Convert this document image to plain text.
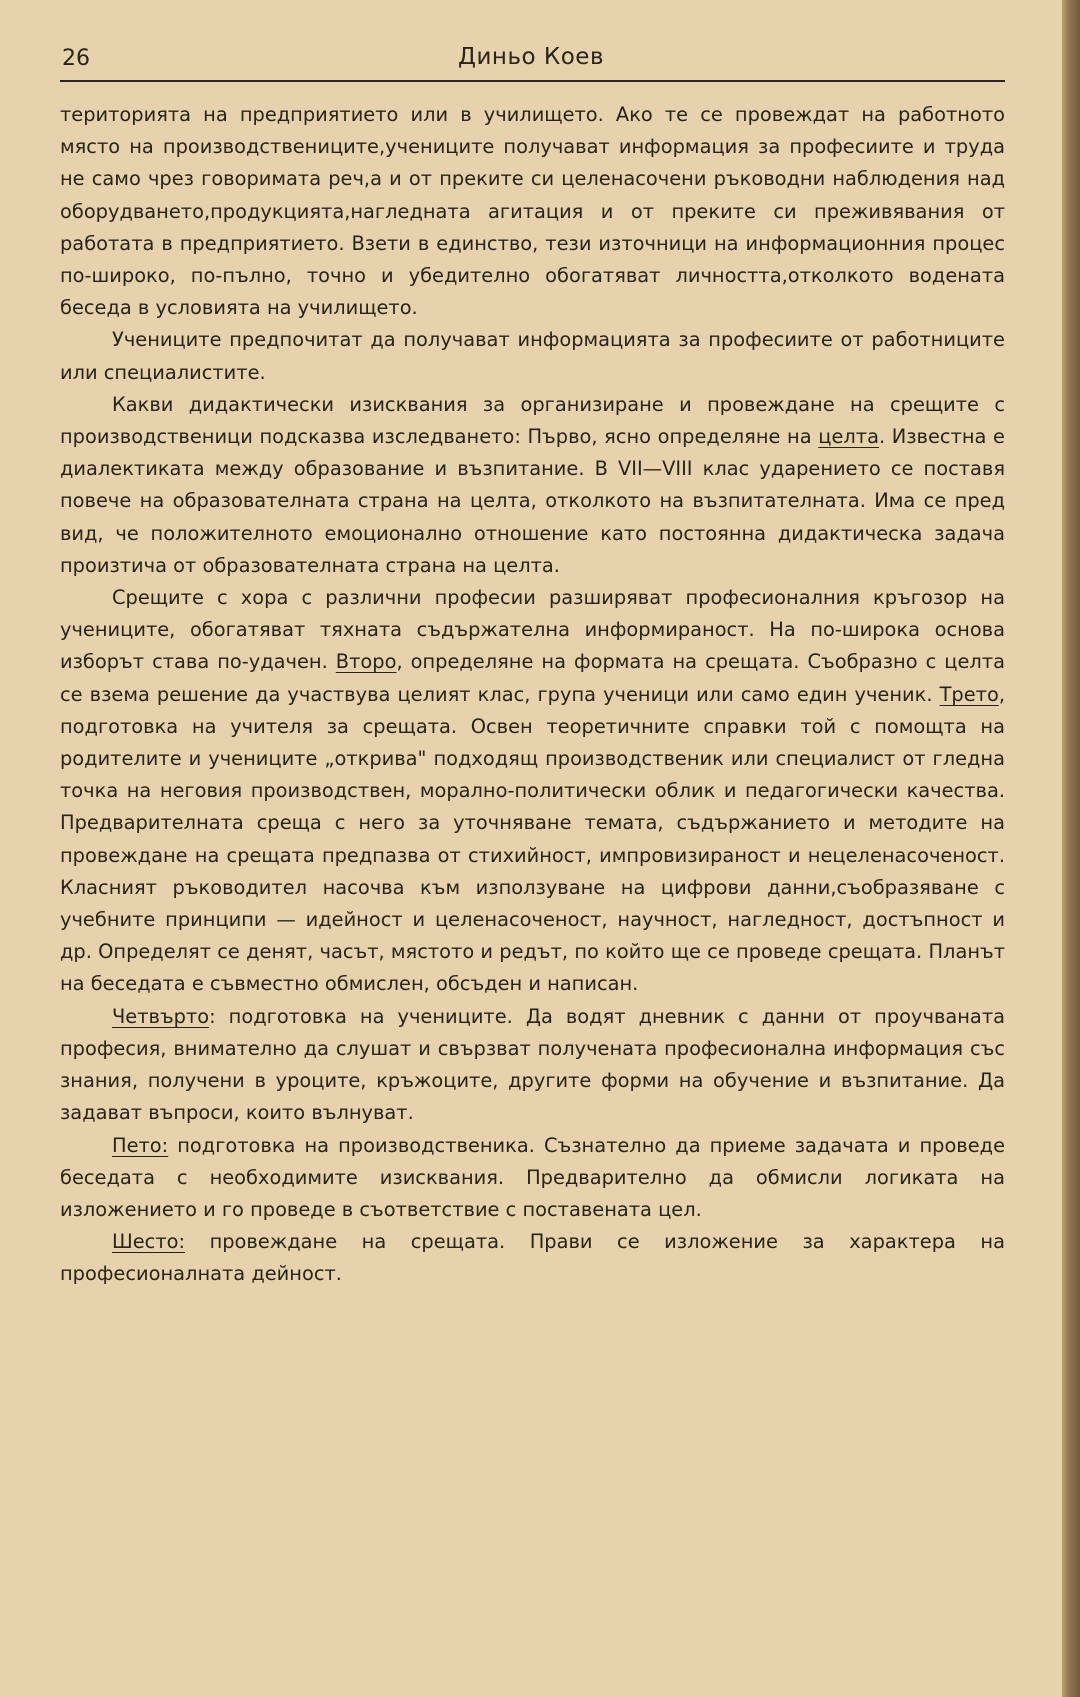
26	Диньо Коев

територията на предприятието или в училището. Ако те се провеждат на работното място на производствениците,учениците получават информация за професиите и труда не само чрез говоримата реч,а и от преките си целенасочени ръководни наблюдения над оборудването,продукцията,нагледната агитация и от преките си преживявания от работата в предприятието. Взети в единство, тези източници на информационния процес по-широко, по-пълно, точно и убедително обогатяват личността,отколкото водената беседа в условията на училището.

Учениците предпочитат да получават информацията за професиите от работниците или специалистите.

Какви дидактически изисквания за организиране и провеждане на срещите с производственици подсказва изследването: Първо, ясно определяне на целта. Известна е диалектиката между образование и възпитание. В VII—VIII клас ударението се поставя повече на образователната страна на целта, отколкото на възпитателната. Има се пред вид, че положителното емоционално отношение като постоянна дидактическа задача произтича от образователната страна на целта.

Срещите с хора с различни професии разширяват професионалния кръгозор на учениците, обогатяват тяхната съдържателна информираност. На по-широка основа изборът става по-удачен. Второ, определяне на формата на срещата. Съобразно с целта се взема решение да участвува целият клас, група ученици или само един ученик. Трето, подготовка на учителя за срещата. Освен теоретичните справки той с помощта на родителите и учениците „открива" подходящ производственик или специалист от гледна точка на неговия производствен, морално-политически облик и педагогически качества. Предварителната среща с него за уточняване темата, съдържанието и методите на провеждане на срещата предпазва от стихийност, импровизираност и нецеленасоченост. Класният ръководител насочва към използуване на цифрови данни,съобразяване с учебните принципи — идейност и целенасоченост, научност, нагледност, достъпност и др. Определят се денят, часът, мястото и редът, по който ще се проведе срещата. Планът на беседата е съвместно обмислен, обсъден и написан.

Четвърто: подготовка на учениците. Да водят дневник с данни от проучваната професия, внимателно да слушат и свързват получената професионална информация със знания, получени в уроците, кръжоците, другите форми на обучение и възпитание. Да задават въпроси, които вълнуват.

Пето: подготовка на производственика. Съзнателно да приеме задачата и проведе беседата с необходимите изисквания. Предварително да обмисли логиката на изложението и го проведе в съответствие с поставената цел.

Шесто: провеждане на срещата. Прави се изложение за характера на професионалната дейност.
